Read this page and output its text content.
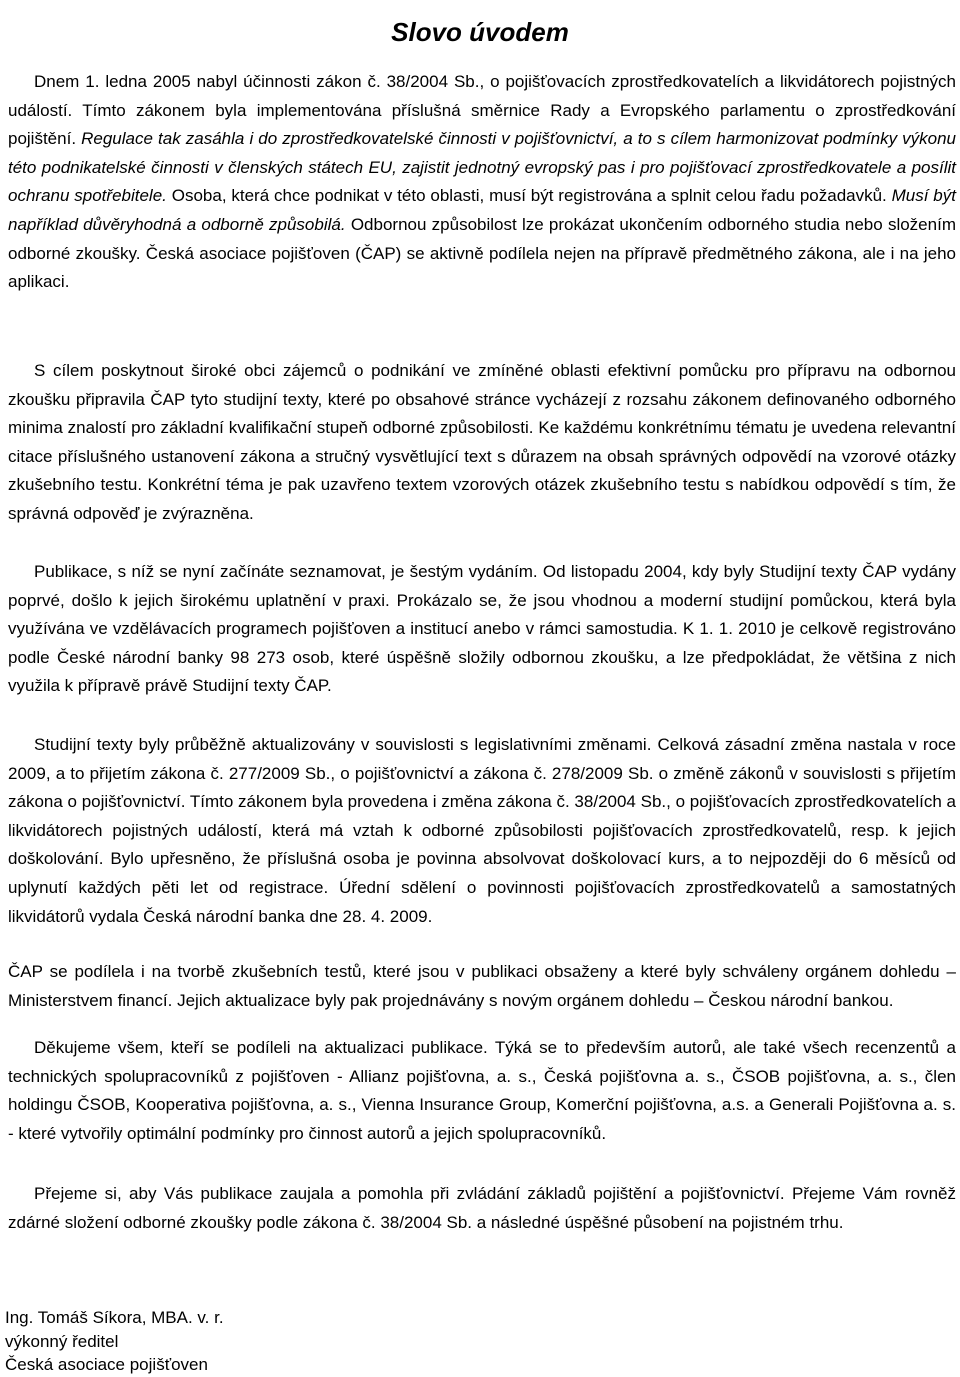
Slovo úvodem

Dnem 1. ledna 2005 nabyl účinnosti zákon č. 38/2004 Sb., o pojišťovacích zprostředkovatelích a likvidátorech pojistných událostí. Tímto zákonem byla implementována příslušná směrnice Rady a Evropského parlamentu o zprostředkování pojištění. Regulace tak zasáhla i do zprostředkovatelské činnosti v pojišťovnictví, a to s cílem harmonizovat podmínky výkonu této podnikatelské činnosti v členských státech EU, zajistit jednotný evropský pas i pro pojišťovací zprostředkovatele a posílit ochranu spotřebitele. Osoba, která chce podnikat v této oblasti, musí být registrována a splnit celou řadu požadavků. Musí být například důvěryhodná a odborně způsobilá. Odbornou způsobilost lze prokázat ukončením odborného studia nebo složením odborné zkoušky. Česká asociace pojišťoven (ČAP) se aktivně podílela nejen na přípravě předmětného zákona, ale i na jeho aplikaci.

S cílem poskytnout široké obci zájemců o podnikání ve zmíněné oblasti efektivní pomůcku pro přípravu na odbornou zkoušku připravila ČAP tyto studijní texty, které po obsahové stránce vycházejí z rozsahu zákonem definovaného odborného minima znalostí pro základní kvalifikační stupeň odborné způsobilosti. Ke každému konkrétnímu tématu je uvedena relevantní citace příslušného ustanovení zákona a stručný vysvětlující text s důrazem na obsah správných odpovědí na vzorové otázky zkušebního testu. Konkrétní téma je pak uzavřeno textem vzorových otázek zkušebního testu s nabídkou odpovědí s tím, že správná odpověď je zvýrazněna.

Publikace, s níž se nyní začínáte seznamovat, je šestým vydáním. Od listopadu 2004, kdy byly Studijní texty ČAP vydány poprvé, došlo k jejich širokému uplatnění v praxi. Prokázalo se, že jsou vhodnou a moderní studijní pomůckou, která byla využívána ve vzdělávacích programech pojišťoven a institucí anebo v rámci samostudia. K 1. 1. 2010 je celkově registrováno podle České národní banky 98 273 osob, které úspěšně složily odbornou zkoušku, a lze předpokládat, že většina z nich využila k přípravě právě Studijní texty ČAP.

Studijní texty byly průběžně aktualizovány v souvislosti s legislativními změnami. Celková zásadní změna nastala v roce 2009, a to přijetím zákona č. 277/2009 Sb., o pojišťovnictví a zákona č. 278/2009 Sb. o změně zákonů v souvislosti s přijetím zákona o pojišťovnictví. Tímto zákonem byla provedena i změna zákona č. 38/2004 Sb., o pojišťovacích zprostředkovatelích a likvidátorech pojistných událostí, která má vztah k odborné způsobilosti pojišťovacích zprostředkovatelů, resp. k jejich doškolování. Bylo upřesněno, že příslušná osoba je povinna absolvovat doškolovací kurs, a to nejpozději do 6 měsíců od uplynutí každých pěti let od registrace. Úřední sdělení o povinnosti pojišťovacích zprostředkovatelů a samostatných likvidátorů vydala Česká národní banka dne 28. 4. 2009.

ČAP se podílela i na tvorbě zkušebních testů, které jsou v publikaci obsaženy a které byly schváleny orgánem dohledu – Ministerstvem financí. Jejich aktualizace byly pak projednávány s novým orgánem dohledu – Českou národní bankou.

Děkujeme všem, kteří se podíleli na aktualizaci publikace. Týká se to především autorů, ale také všech recenzentů a technických spolupracovníků z pojišťoven - Allianz pojišťovna, a. s., Česká pojišťovna a. s., ČSOB pojišťovna, a. s., člen holdingu ČSOB, Kooperativa pojišťovna, a. s., Vienna Insurance Group, Komerční pojišťovna, a.s. a Generali Pojišťovna a. s. - které vytvořily optimální podmínky pro činnost autorů a jejich spolupracovníků.

Přejeme si, aby Vás publikace zaujala a pomohla při zvládání základů pojištění a pojišťovnictví. Přejeme Vám rovněž zdárné složení odborné zkoušky podle zákona č. 38/2004 Sb. a následné úspěšné působení na pojistném trhu.

Ing. Tomáš Síkora, MBA. v. r.
výkonný ředitel
Česká asociace pojišťoven
